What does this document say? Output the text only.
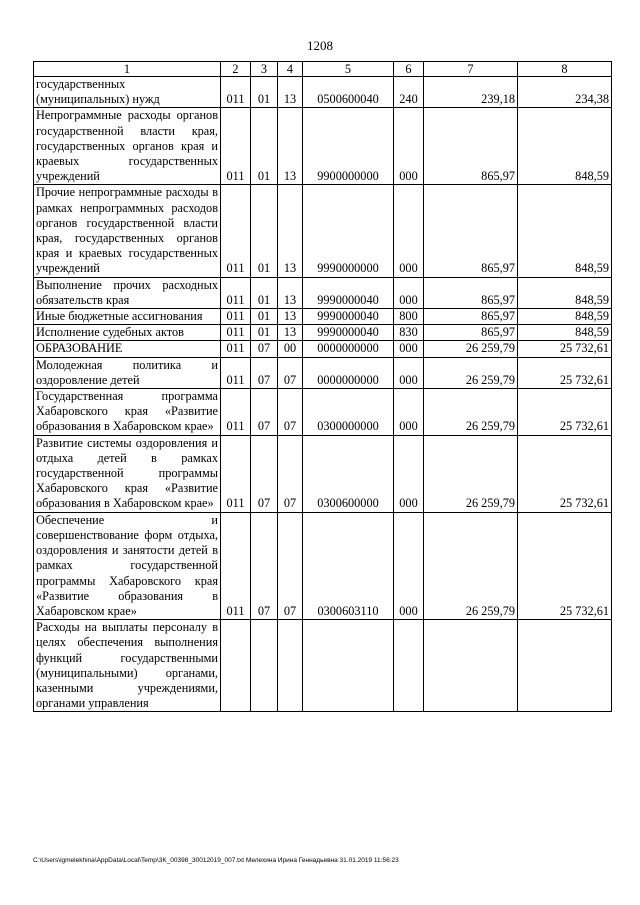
1208
1	2	3	4	5	6	7	8
государственных (муниципальных) нужд	011	01	13	0500600040	240	239,18	234,38
Непрограммные расходы органов государственной власти края, государственных органов края и краевых государственных учреждений	011	01	13	9900000000	000	865,97	848,59
Прочие непрограммные расходы в рамках непрограммных расходов органов государственной власти края, государственных органов края и краевых государственных учреждений	011	01	13	9990000000	000	865,97	848,59
Выполнение прочих расходных обязательств края	011	01	13	9990000040	000	865,97	848,59
Иные бюджетные ассигнования	011	01	13	9990000040	800	865,97	848,59
Исполнение судебных актов	011	01	13	9990000040	830	865,97	848,59
ОБРАЗОВАНИЕ	011	07	00	0000000000	000	26 259,79	25 732,61
Молодежная политика и оздоровление детей	011	07	07	0000000000	000	26 259,79	25 732,61
Государственная программа Хабаровского края «Развитие образования в Хабаровском крае»	011	07	07	0300000000	000	26 259,79	25 732,61
Развитие системы оздоровления и отдыха детей в рамках государственной программы Хабаровского края «Развитие образования в Хабаровском крае»	011	07	07	0300600000	000	26 259,79	25 732,61
Обеспечение и совершенствование форм отдыха, оздоровления и занятости детей в рамках государственной программы Хабаровского края «Развитие образования в Хабаровском крае»	011	07	07	0300603110	000	26 259,79	25 732,61
Расходы на выплаты персоналу в целях обеспечения выполнения функций государственными (муниципальными) органами, казенными учреждениями, органами управления							
C:\Users\igmelekhina\AppData\Local\Temp\3K_00398_30012019_007.txt Мелехина Ирина Геннадьевна 31.01.2019 11:56:23
